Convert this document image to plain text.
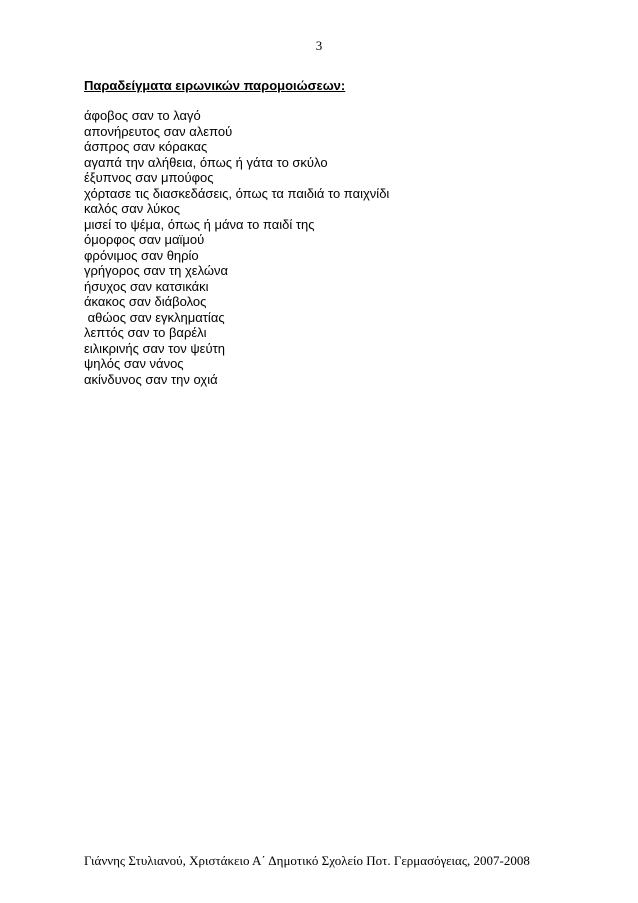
3
Παραδείγματα ειρωνικών παρομοιώσεων:
άφοβος σαν το λαγό
απονήρευτος σαν αλεπού
άσπρος σαν κόρακας
αγαπά την αλήθεια, όπως ή γάτα το σκύλο
έξυπνος σαν μπούφος
χόρτασε τις διασκεδάσεις, όπως τα παιδιά το παιχνίδι
καλός σαν λύκος
μισεί το ψέμα, όπως ή μάνα το παιδί της
όμορφος σαν μαϊμού
φρόνιμος σαν θηρίο
γρήγορος σαν τη χελώνα
ήσυχος σαν κατσικάκι
άκακος σαν διάβολος
αθώος σαν εγκληματίας
λεπτός σαν το βαρέλι
ειλικρινής σαν τον ψεύτη
ψηλός σαν νάνος
ακίνδυνος σαν την οχιά
Γιάννης Στυλιανού, Χριστάκειο Α΄ Δημοτικό Σχολείο Ποτ. Γερμασόγειας, 2007-2008
